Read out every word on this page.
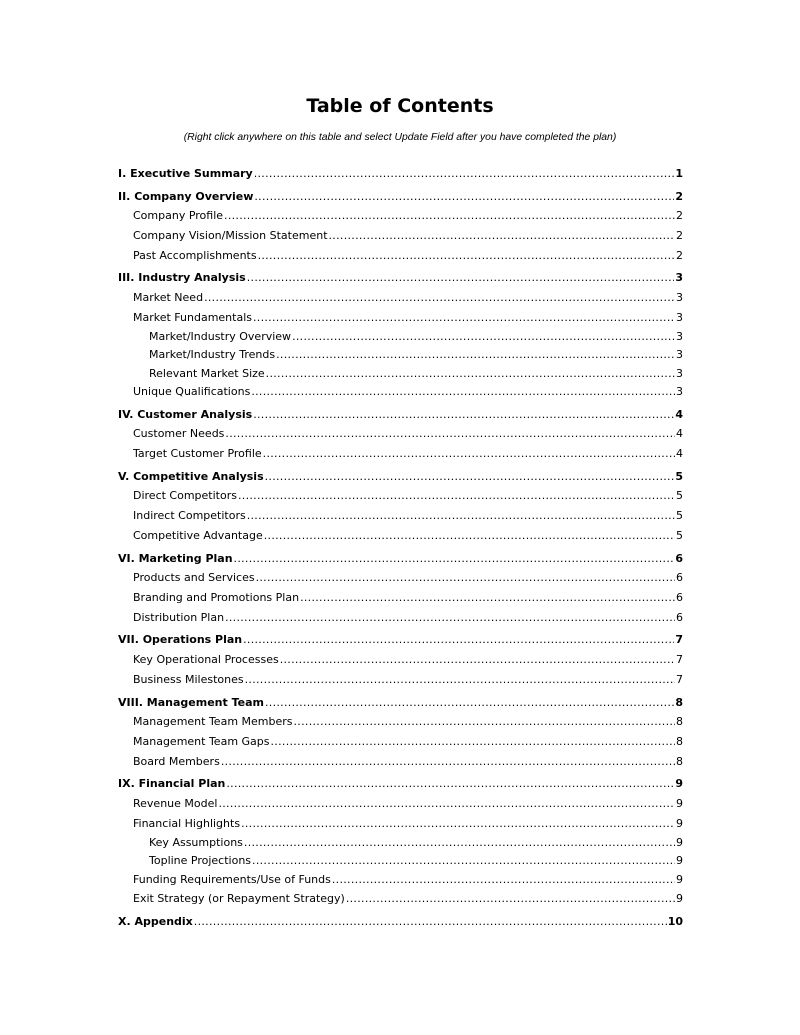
Table of Contents
(Right click anywhere on this table and select Update Field after you have completed the plan)
I. Executive Summary .....	1
II. Company Overview .....	2
Company Profile .....	2
Company Vision/Mission Statement .....	2
Past Accomplishments .....	2
III. Industry Analysis .....	3
Market Need .....	3
Market Fundamentals .....	3
Market/Industry Overview .....	3
Market/Industry Trends .....	3
Relevant Market Size .....	3
Unique Qualifications .....	3
IV. Customer Analysis .....	4
Customer Needs .....	4
Target Customer Profile .....	4
V. Competitive Analysis .....	5
Direct Competitors .....	5
Indirect Competitors .....	5
Competitive Advantage .....	5
VI. Marketing Plan .....	6
Products and Services .....	6
Branding and Promotions Plan .....	6
Distribution Plan .....	6
VII. Operations Plan .....	7
Key Operational Processes .....	7
Business Milestones .....	7
VIII. Management Team .....	8
Management Team Members .....	8
Management Team Gaps .....	8
Board Members .....	8
IX. Financial Plan .....	9
Revenue Model .....	9
Financial Highlights .....	9
Key Assumptions .....	9
Topline Projections .....	9
Funding Requirements/Use of Funds .....	9
Exit Strategy (or Repayment Strategy) .....	9
X. Appendix .....	10
